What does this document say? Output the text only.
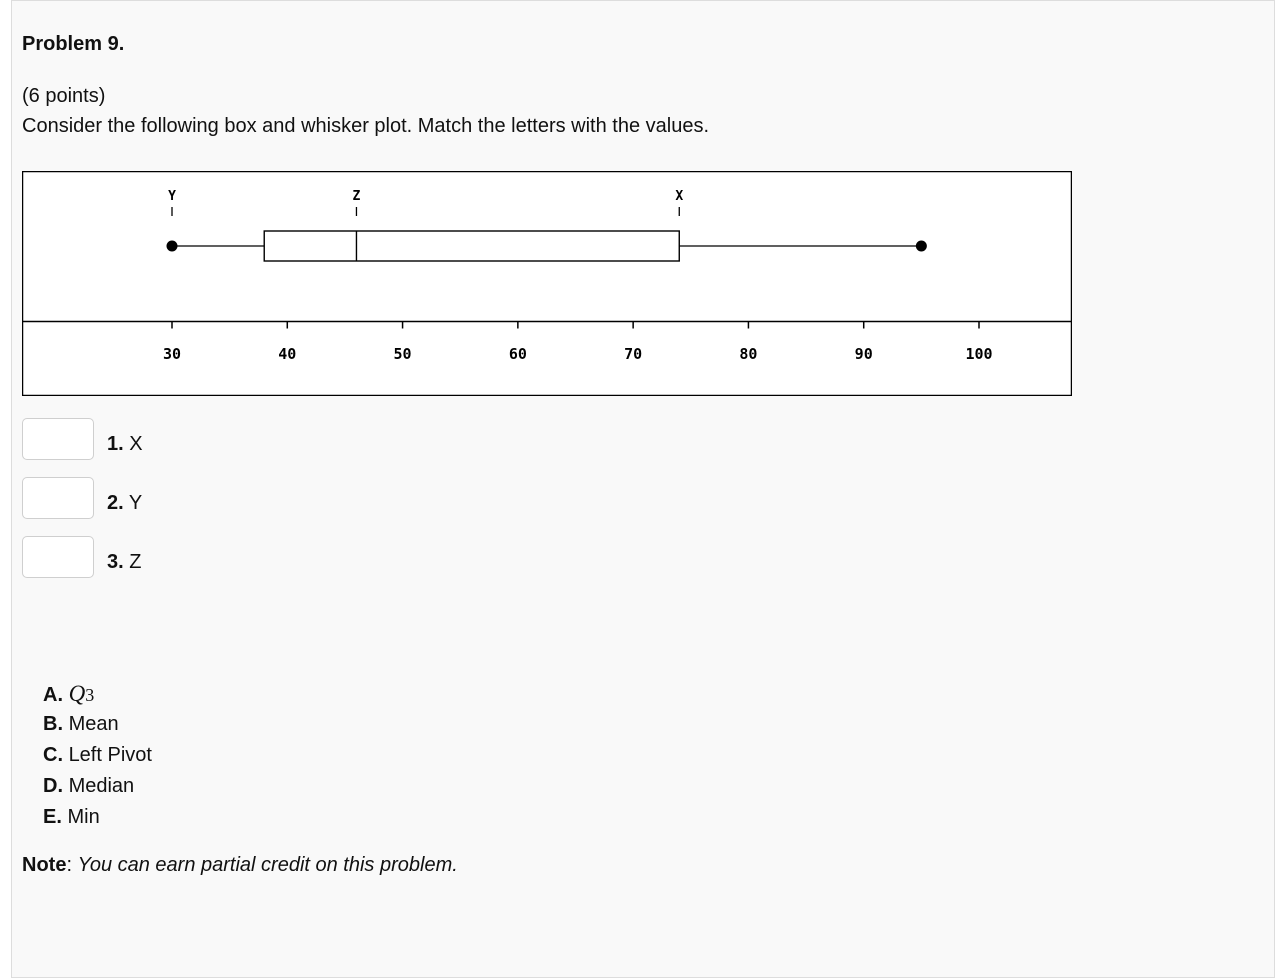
Problem 9.
(6 points)
Consider the following box and whisker plot. Match the letters with the values.
30	40	50	60	70	80	90	100
Y	Z	X
1. X
2. Y
3. Z
A. Q3
B. Mean
C. Left Pivot
D. Median
E. Min
Note: You can earn partial credit on this problem.
